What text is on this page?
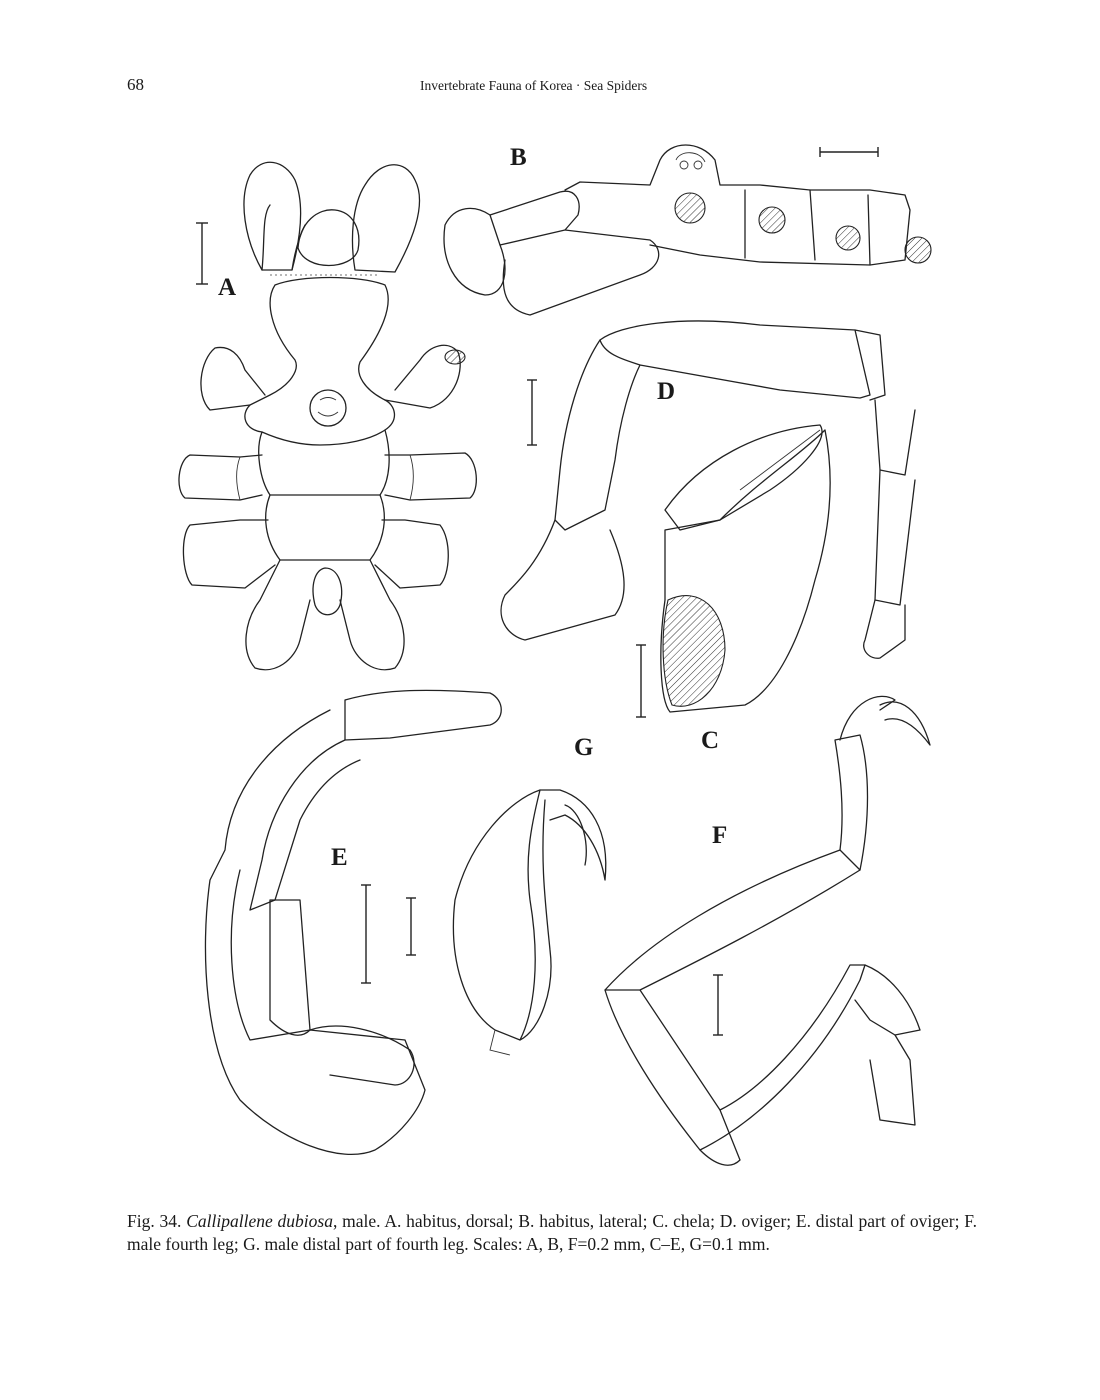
68	Invertebrate Fauna of Korea · Sea Spiders
A
B
C
D
E
F
G
Fig. 34. Callipallene dubiosa, male. A. habitus, dorsal; B. habitus, lateral; C. chela; D. oviger; E. distal part of oviger; F. male fourth leg; G. male distal part of fourth leg. Scales: A, B, F=0.2 mm, C–E, G=0.1 mm.
